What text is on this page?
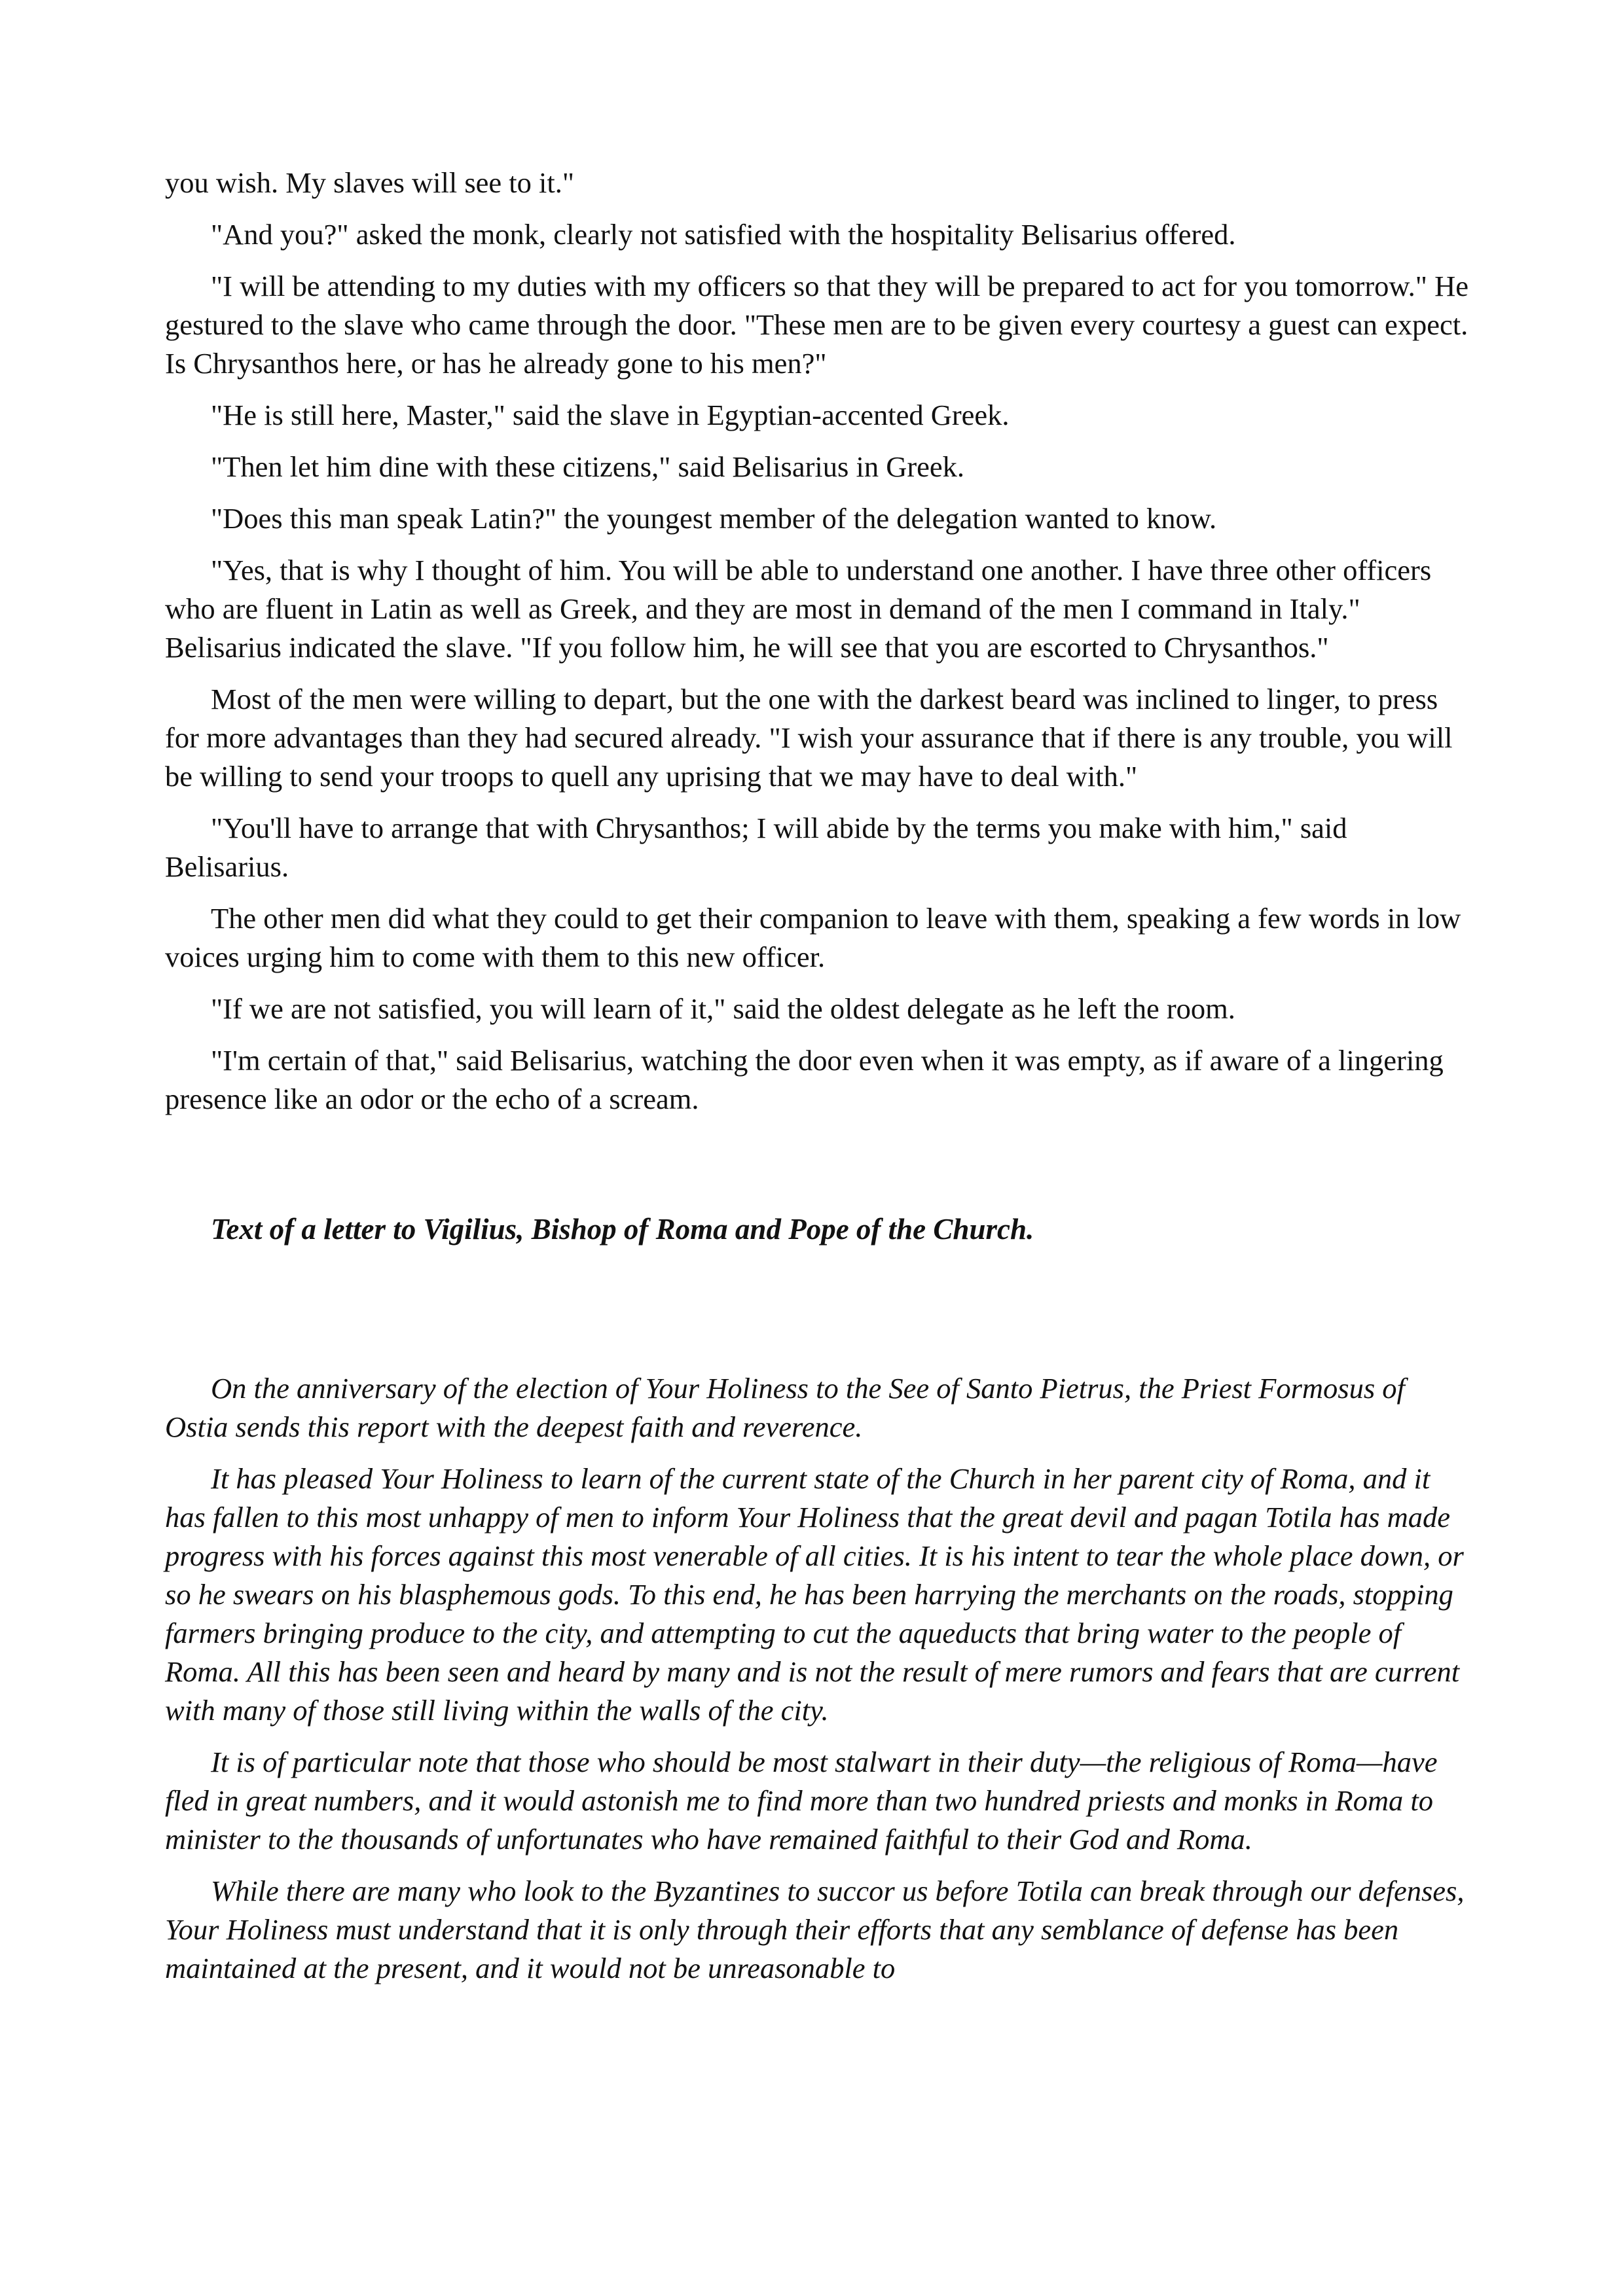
you wish. My slaves will see to it."

"And you?" asked the monk, clearly not satisfied with the hospitality Belisarius offered.

"I will be attending to my duties with my officers so that they will be prepared to act for you tomorrow." He gestured to the slave who came through the door. "These men are to be given every courtesy a guest can expect. Is Chrysanthos here, or has he already gone to his men?"

"He is still here, Master," said the slave in Egyptian-accented Greek.

"Then let him dine with these citizens," said Belisarius in Greek.

"Does this man speak Latin?" the youngest member of the delegation wanted to know.

"Yes, that is why I thought of him. You will be able to understand one another. I have three other officers who are fluent in Latin as well as Greek, and they are most in demand of the men I command in Italy." Belisarius indicated the slave. "If you follow him, he will see that you are escorted to Chrysanthos."

Most of the men were willing to depart, but the one with the darkest beard was inclined to linger, to press for more advantages than they had secured already. "I wish your assurance that if there is any trouble, you will be willing to send your troops to quell any uprising that we may have to deal with."

"You'll have to arrange that with Chrysanthos; I will abide by the terms you make with him," said Belisarius.

The other men did what they could to get their companion to leave with them, speaking a few words in low voices urging him to come with them to this new officer.

"If we are not satisfied, you will learn of it," said the oldest delegate as he left the room.

"I'm certain of that," said Belisarius, watching the door even when it was empty, as if aware of a lingering presence like an odor or the echo of a scream.

Text of a letter to Vigilius, Bishop of Roma and Pope of the Church.

On the anniversary of the election of Your Holiness to the See of Santo Pietrus, the Priest Formosus of Ostia sends this report with the deepest faith and reverence.

It has pleased Your Holiness to learn of the current state of the Church in her parent city of Roma, and it has fallen to this most unhappy of men to inform Your Holiness that the great devil and pagan Totila has made progress with his forces against this most venerable of all cities. It is his intent to tear the whole place down, or so he swears on his blasphemous gods. To this end, he has been harrying the merchants on the roads, stopping farmers bringing produce to the city, and attempting to cut the aqueducts that bring water to the people of Roma. All this has been seen and heard by many and is not the result of mere rumors and fears that are current with many of those still living within the walls of the city.

It is of particular note that those who should be most stalwart in their duty—the religious of Roma—have fled in great numbers, and it would astonish me to find more than two hundred priests and monks in Roma to minister to the thousands of unfortunates who have remained faithful to their God and Roma.

While there are many who look to the Byzantines to succor us before Totila can break through our defenses, Your Holiness must understand that it is only through their efforts that any semblance of defense has been maintained at the present, and it would not be unreasonable to
